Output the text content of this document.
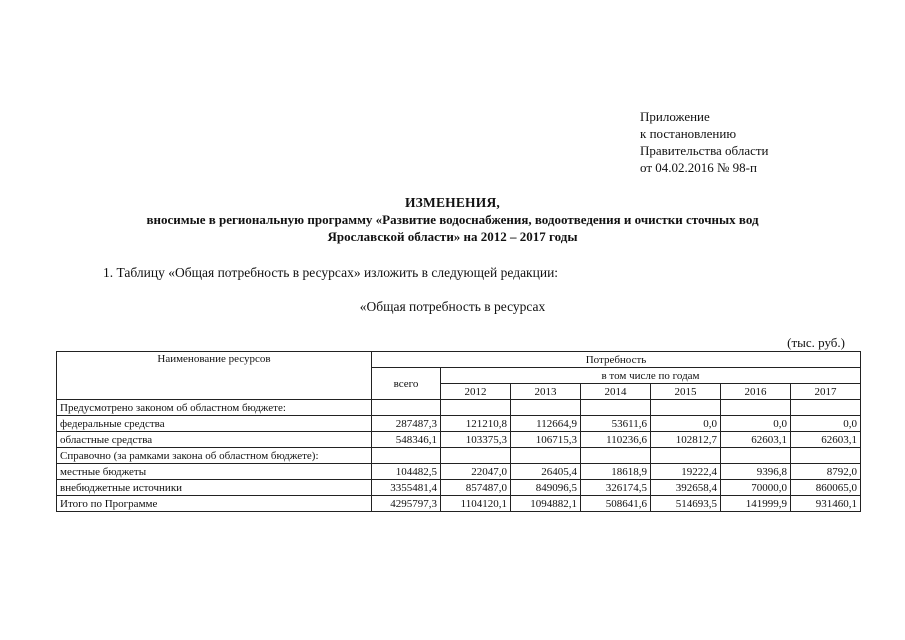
Приложение
к постановлению
Правительства области
от 04.02.2016 № 98-п
ИЗМЕНЕНИЯ,
вносимые в региональную программу «Развитие водоснабжения, водоотведения и очистки сточных вод
Ярославской области» на 2012 – 2017 годы
1. Таблицу «Общая потребность в ресурсах» изложить в следующей редакции:
«Общая потребность в ресурсах
(тыс. руб.)
Наименование ресурсов	Потребность						
	всего	в том числе по годам					
		2012	2013	2014	2015	2016	2017
Предусмотрено законом об областном бюджете:							
федеральные средства	287487,3	121210,8	112664,9	53611,6	0,0	0,0	0,0
областные средства	548346,1	103375,3	106715,3	110236,6	102812,7	62603,1	62603,1
Справочно (за рамками закона об областном бюджете):							
местные бюджеты	104482,5	22047,0	26405,4	18618,9	19222,4	9396,8	8792,0
внебюджетные источники	3355481,4	857487,0	849096,5	326174,5	392658,4	70000,0	860065,0
Итого по Программе	4295797,3	1104120,1	1094882,1	508641,6	514693,5	141999,9	931460,1
